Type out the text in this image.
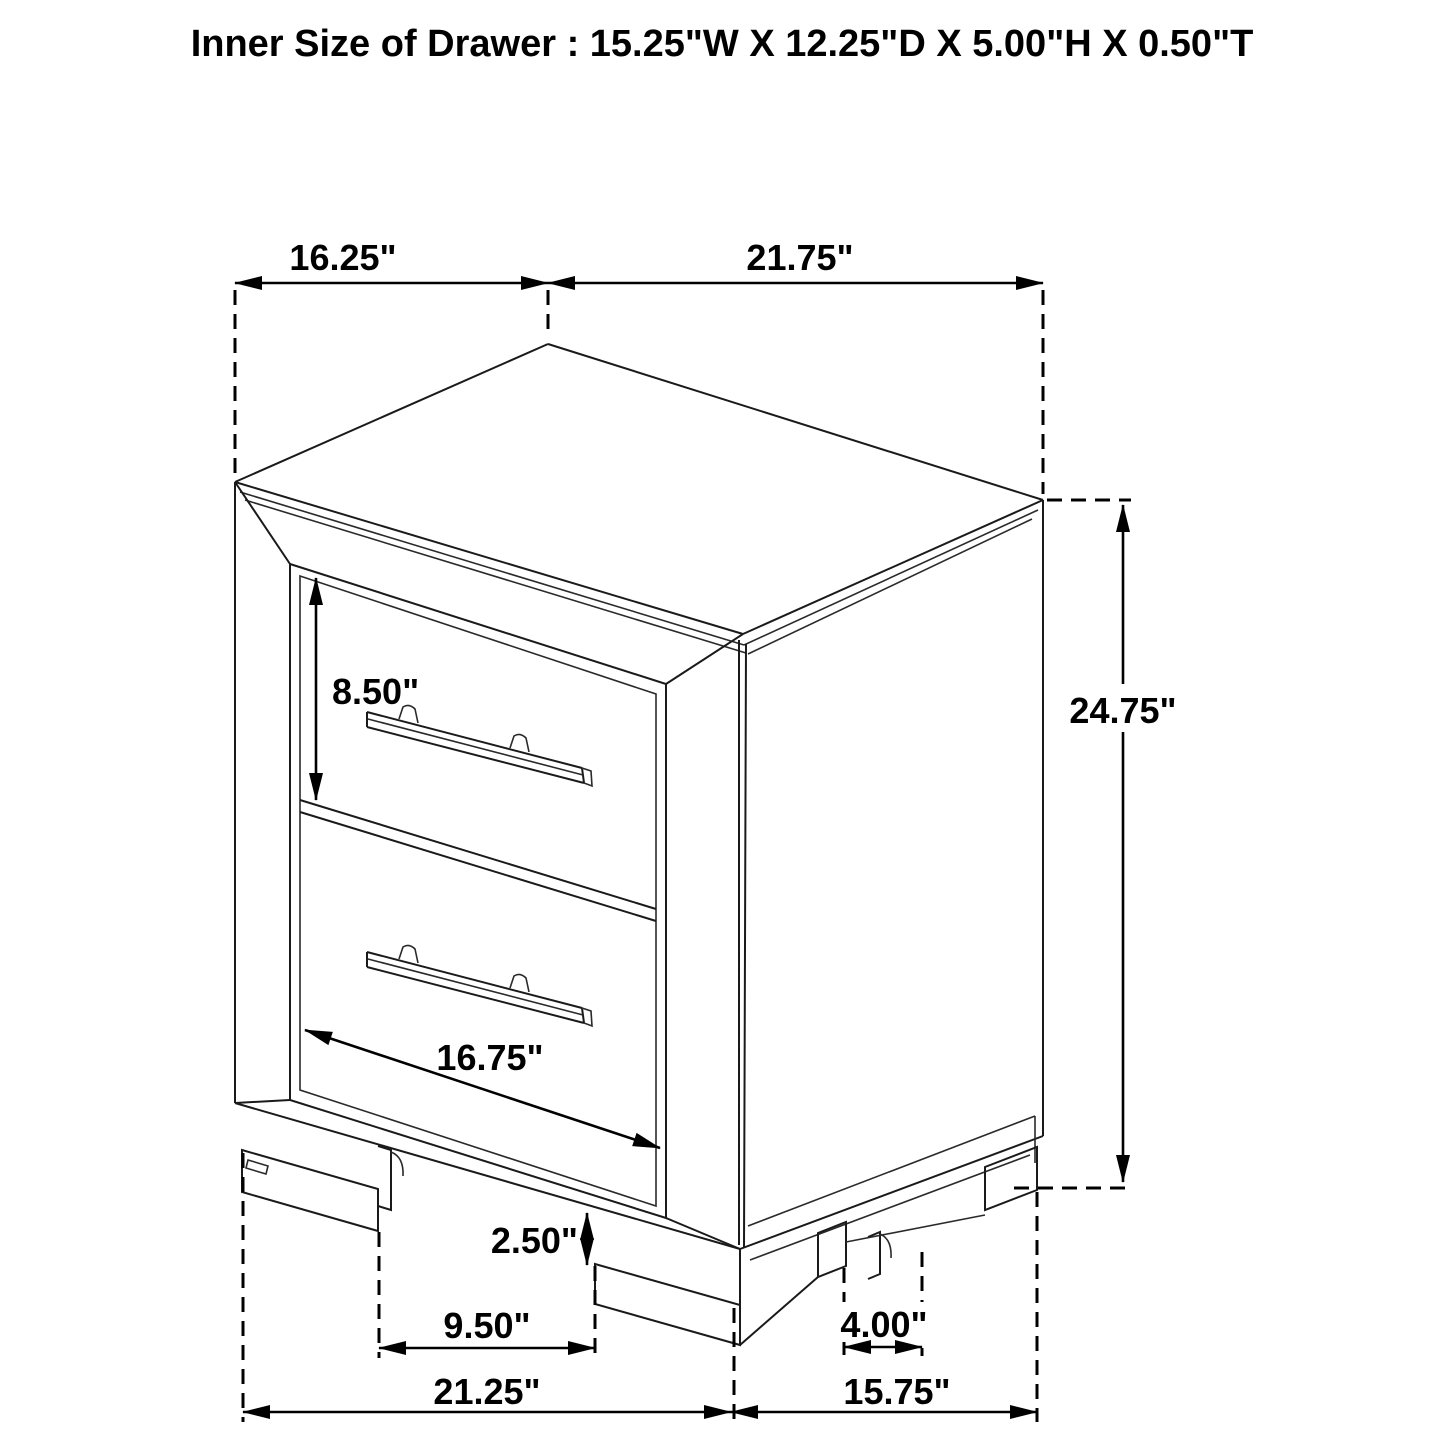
Inner Size of Drawer : 15.25"W X 12.25"D X 5.00"H X 0.50"T
16.25"	21.75"
8.50"	24.75"
16.75"
2.50"
9.50"	4.00"
21.25"	15.75"
